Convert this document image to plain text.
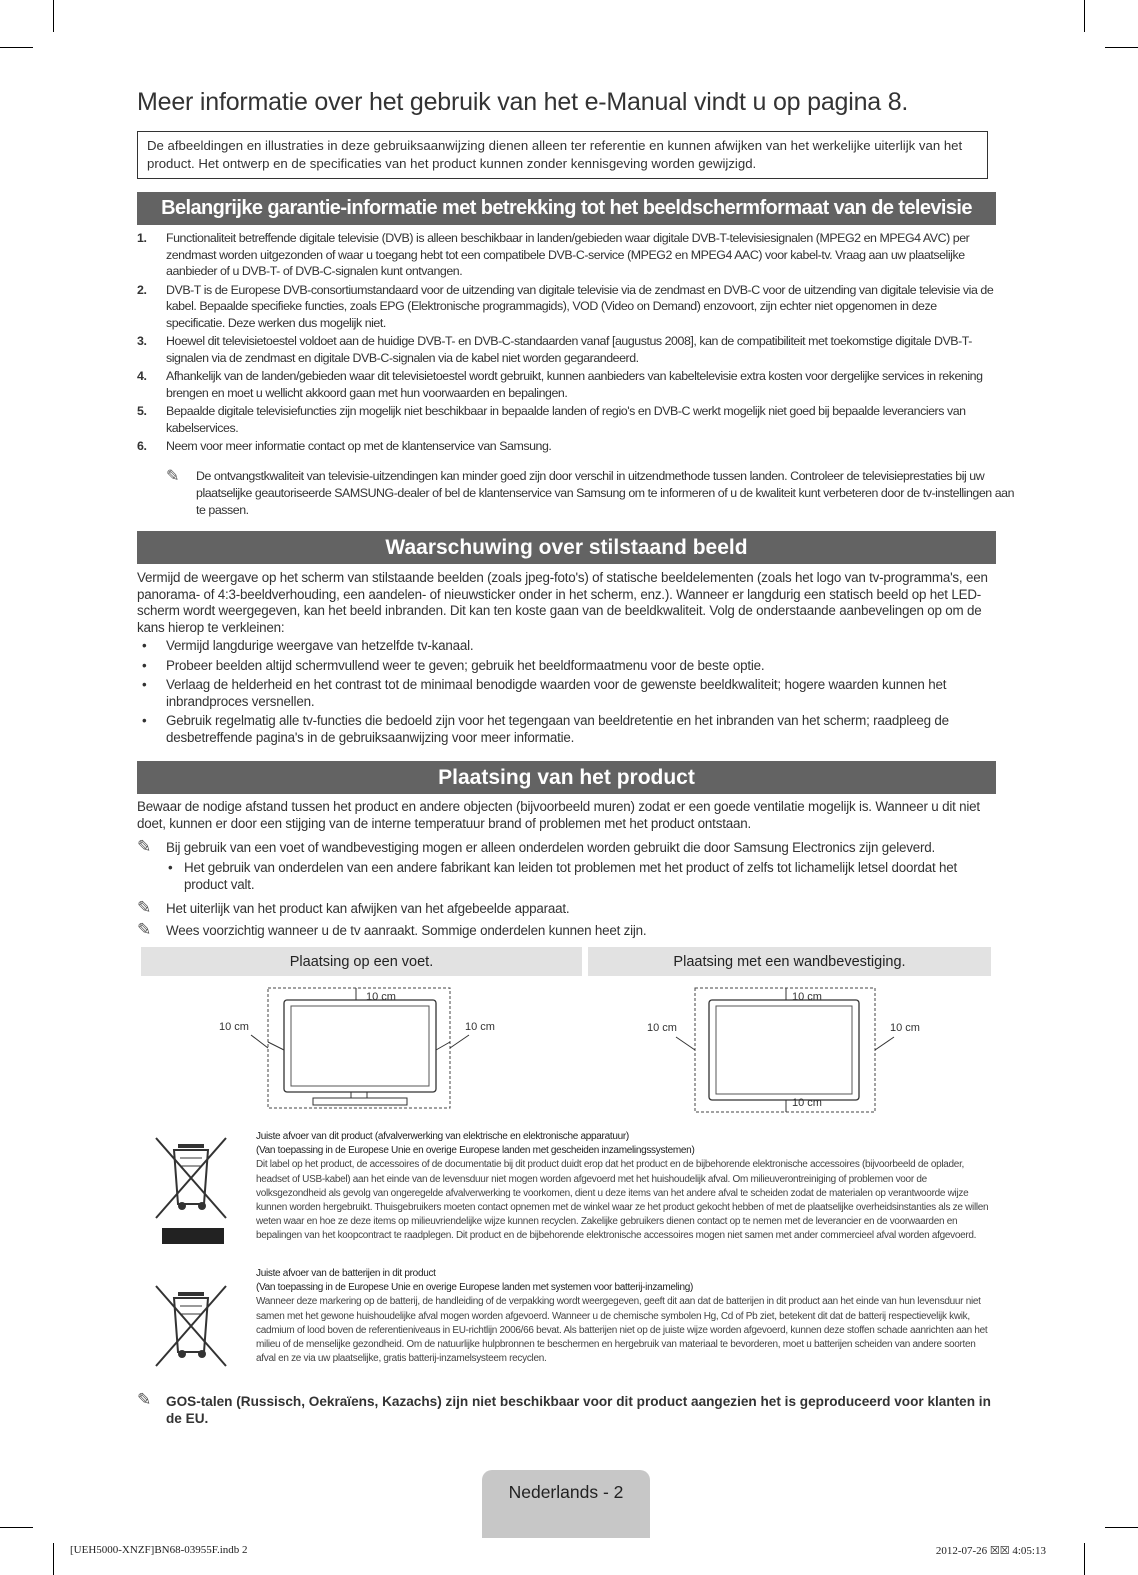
Meer informatie over het gebruik van het e-Manual vindt u op pagina 8.
De afbeeldingen en illustraties in deze gebruiksaanwijzing dienen alleen ter referentie en kunnen afwijken van het werkelijke uiterlijk van het product. Het ontwerp en de specificaties van het product kunnen zonder kennisgeving worden gewijzigd.
Belangrijke garantie-informatie met betrekking tot het beeldschermformaat van de televisie
1. Functionaliteit betreffende digitale televisie (DVB) is alleen beschikbaar in landen/gebieden waar digitale DVB-T-televisiesignalen (MPEG2 en MPEG4 AVC) per zendmast worden uitgezonden of waar u toegang hebt tot een compatibele DVB-C-service (MPEG2 en MPEG4 AAC) voor kabel-tv. Vraag aan uw plaatselijke aanbieder of u DVB-T- of DVB-C-signalen kunt ontvangen.
2. DVB-T is de Europese DVB-consortiumstandaard voor de uitzending van digitale televisie via de zendmast en DVB-C voor de uitzending van digitale televisie via de kabel. Bepaalde specifieke functies, zoals EPG (Elektronische programmagids), VOD (Video on Demand) enzovoort, zijn echter niet opgenomen in deze specificatie. Deze werken dus mogelijk niet.
3. Hoewel dit televisietoestel voldoet aan de huidige DVB-T- en DVB-C-standaarden vanaf [augustus 2008], kan de compatibiliteit met toekomstige digitale DVB-T-signalen via de zendmast en digitale DVB-C-signalen via de kabel niet worden gegarandeerd.
4. Afhankelijk van de landen/gebieden waar dit televisietoestel wordt gebruikt, kunnen aanbieders van kabeltelevisie extra kosten voor dergelijke services in rekening brengen en moet u wellicht akkoord gaan met hun voorwaarden en bepalingen.
5. Bepaalde digitale televisiefuncties zijn mogelijk niet beschikbaar in bepaalde landen of regio's en DVB-C werkt mogelijk niet goed bij bepaalde leveranciers van kabelservices.
6. Neem voor meer informatie contact op met de klantenservice van Samsung.
✎ De ontvangstkwaliteit van televisie-uitzendingen kan minder goed zijn door verschil in uitzendmethode tussen landen. Controleer de televisieprestaties bij uw plaatselijke geautoriseerde SAMSUNG-dealer of bel de klantenservice van Samsung om te informeren of u de kwaliteit kunt verbeteren door de tv-instellingen aan te passen.
Waarschuwing over stilstaand beeld
Vermijd de weergave op het scherm van stilstaande beelden (zoals jpeg-foto's) of statische beeldelementen (zoals het logo van tv-programma's, een panorama- of 4:3-beeldverhouding, een aandelen- of nieuwsticker onder in het scherm, enz.). Wanneer er langdurig een statisch beeld op het LED-scherm wordt weergegeven, kan het beeld inbranden. Dit kan ten koste gaan van de beeldkwaliteit. Volg de onderstaande aanbevelingen op om de kans hierop te verkleinen:
• Vermijd langdurige weergave van hetzelfde tv-kanaal.
• Probeer beelden altijd schermvullend weer te geven; gebruik het beeldformaatmenu voor de beste optie.
• Verlaag de helderheid en het contrast tot de minimaal benodigde waarden voor de gewenste beeldkwaliteit; hogere waarden kunnen het inbrandproces versnellen.
• Gebruik regelmatig alle tv-functies die bedoeld zijn voor het tegengaan van beeldretentie en het inbranden van het scherm; raadpleeg de desbetreffende pagina's in de gebruiksaanwijzing voor meer informatie.
Plaatsing van het product
Bewaar de nodige afstand tussen het product en andere objecten (bijvoorbeeld muren) zodat er een goede ventilatie mogelijk is. Wanneer u dit niet doet, kunnen er door een stijging van de interne temperatuur brand of problemen met het product ontstaan.
✎	Bij gebruik van een voet of wandbevestiging mogen er alleen onderdelen worden gebruikt die door Samsung Electronics zijn geleverd.
• Het gebruik van onderdelen van een andere fabrikant kan leiden tot problemen met het product of zelfs tot lichamelijk letsel doordat het product valt.
✎	Het uiterlijk van het product kan afwijken van het afgebeelde apparaat.
✎	Wees voorzichtig wanneer u de tv aanraakt. Sommige onderdelen kunnen heet zijn.
Plaatsing op een voet.	Plaatsing met een wandbevestiging.
10 cm
10 cm	10 cm
10 cm
10 cm
10 cm	10 cm
Juiste afvoer van dit product (afvalverwerking van elektrische en elektronische apparatuur)
(Van toepassing in de Europese Unie en overige Europese landen met gescheiden inzamelingssystemen)
Dit label op het product, de accessoires of de documentatie bij dit product duidt erop dat het product en de bijbehorende elektronische accessoires (bijvoorbeeld de oplader, headset of USB-kabel) aan het einde van de levensduur niet mogen worden afgevoerd met het huishoudelijk afval. Om milieuverontreiniging of problemen voor de volksgezondheid als gevolg van ongeregelde afvalverwerking te voorkomen, dient u deze items van het andere afval te scheiden zodat de materialen op verantwoorde wijze kunnen worden hergebruikt. Thuisgebruikers moeten contact opnemen met de winkel waar ze het product gekocht hebben of met de plaatselijke overheidsinstanties als ze willen weten waar en hoe ze deze items op milieuvriendelijke wijze kunnen recyclen. Zakelijke gebruikers dienen contact op te nemen met de leverancier en de voorwaarden en bepalingen van het koopcontract te raadplegen. Dit product en de bijbehorende elektronische accessoires mogen niet samen met ander commercieel afval worden afgevoerd.
Juiste afvoer van de batterijen in dit product
(Van toepassing in de Europese Unie en overige Europese landen met systemen voor batterij-inzameling)
Wanneer deze markering op de batterij, de handleiding of de verpakking wordt weergegeven, geeft dit aan dat de batterijen in dit product aan het einde van hun levensduur niet samen met het gewone huishoudelijke afval mogen worden afgevoerd. Wanneer u de chemische symbolen Hg, Cd of Pb ziet, betekent dit dat de batterij respectievelijk kwik, cadmium of lood boven de referentieniveaus in EU-richtlijn 2006/66 bevat. Als batterijen niet op de juiste wijze worden afgevoerd, kunnen deze stoffen schade aanrichten aan het milieu of de menselijke gezondheid. Om de natuurlijke hulpbronnen te beschermen en hergebruik van materiaal te bevorderen, moet u batterijen scheiden van andere soorten afval en ze via uw plaatselijke, gratis batterij-inzamelsysteem recyclen.
✎	GOS-talen (Russisch, Oekraïens, Kazachs) zijn niet beschikbaar voor dit product aangezien het is geproduceerd voor klanten in de EU.
Nederlands - 2
[UEH5000-XNZF]BN68-03955F.indb 2	2012-07-26 ☒☒ 4:05:13
